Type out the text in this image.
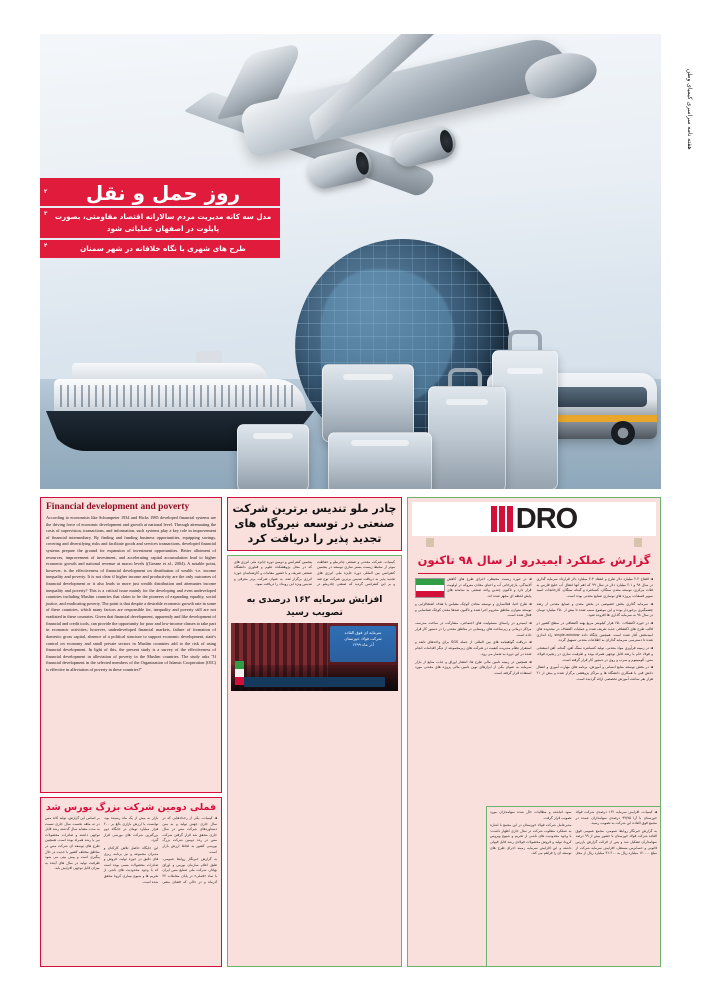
هفته نامه سراسری کیمیای وطن
۲ روز حمل و نقل
۳ مدل سه کانه مدیریت مردم سالارانه اقتصاد مقاومتی، بصورت پایلوت در اصفهان عملیاتی شود
۴	طرح های شهری با نگاه خلاقانه در شهر سمنان
DRO
گزارش عملکرد ایمیدرو از سال ۹۸ تاکنون

◄ افتتاح ۲.۴ میلیارد دلار طرح و انعقاد ۴.۳ میلیارد دلار قرارداد سرمایه گذاری در سال ۹۸ و ۲.۱ میلیارد دلار در سال ۹۹ که اهم آنها انتقال آب خلیج فارس به فلات مرکزی، توسعه معدن سنگان، کنسانتره و گندله سنگان، کارخانجات اسید سوپر فسفات، پروژه های نوسازی صنایع معدنی بوده است.

◄ سرمایه گذاری بخش خصوصی در بخش معدن و صنایع معدنی از رشد چشمگیری برخوردار بوده و این موضوع سبب شده تا بیش از ۲۵۰ میلیارد تومان در سال ۹۸ به سرمایه گذاری ها افزوده شود.

◄ در حوزه اکتشاف، ۶۵۰ هزار کیلومتر مربع پهنه اکتشافی در سطح کشور در قالب طرح های اکتشافی جدید تعریف شده و عملیات اکتشاف در محدوده های امیدبخش آغاز شده است. همچنین پایگاه داده single-window راه اندازی شده تا دسترسی سرمایه گذاران به اطلاعات معدنی تسهیل گردد.

◄ در زمینه فرآوری مواد معدنی، تولید کنسانتره سنگ آهن، گندله، آهن اسفنجی و فولاد خام با رشد قابل توجهی همراه بوده و ظرفیت سازی در زنجیره فولاد، مس، آلومینیوم و سرب و روی در دستور کار قرار گرفته است.

◄ در بخش توسعه منابع انسانی و آموزش، برنامه های مهارت آموزی و انتقال دانش فنی با همکاری دانشگاه ها و مراکز پژوهشی برگزار شده و بیش از ۲۱ هزار نفر ساعت آموزش تخصصی ارائه گردیده است.

◄ در حوزه زیست محیطی، اجرای طرح های کاهش آلایندگی، بازچرخانی آب و احیای معادن متروکه در اولویت قرار دارد و تاکنون چندین واحد صنعتی به سامانه های پایش لحظه ای مجهز شده اند.

◄ طرح احیا، فعالسازی و توسعه معادن کوچک مقیاس با هدف اشتغالزایی و توسعه متوازن مناطق محروم اجرا شده و تاکنون صدها معدن کوچک شناسایی و فعال شده است.

◄ ایمیدرو در راستای مسئولیت های اجتماعی، مشارکت در ساخت مدرسه، مراکز درمانی و زیرساخت های روستایی در مناطق معدنی را در دستور کار قرار داده است.

◄ دریافت گواهینامه های بین المللی از جمله SGS برای واحدهای تابعه و استقرار نظام مدیریت کیفیت در شرکت های زیرمجموعه از دیگر اقدامات انجام شده در این دوره به شمار می رود.

◄ همچنین در زمینه تامین مالی طرح ها، انتشار اوراق و جذب منابع از بازار سرمایه به عنوان یکی از ابزارهای نوین تامین مالی پروژه های معدنی مورد استفاده قرار گرفته است.

چادر ملو تندیس برترین شرکت صنعتی در توسعه نیروگاه های تجدید پذیر را دریافت کرد

کیمیات- شرکت معدنی و صنعتی چادرملو و حفاظت موثر از محیط زیست بستر سازی توسعه در پنجمین کنفرانس بین المللی دوره جایزه ملی انرژی های تجدید پذیر به دریافت تندیس برترین شرکت توج شد و بر این کنفرانس گردید که صنعتی چادرملو در پنجمین کنفرانس و دومین دوره جایزه ملی انرژی های که در محل پژوهشکده علوم و فناوری دانشگاه صنعتی شریف و با حضور مقامات و کارشناسان حوزه انرژی برگزار شد، به عنوان شرکت برتر معرفی و تندیس ویژه این رویداد را دریافت نمود.

افزایش سرمایه ۱۶۲ درصدی به تصویب رسید
سرمایه ای فوق القاده
شرکت فولاد خوزستان
آذر ماه ۱۳۹۹
Financial development and poverty

According to economists like Schumpeter 1934 and Hicks 1985 developed financial systems are the driving force of economic development and growth at national level. Through attenuating the costs of supervision, transactions, and information, such systems play a key role in improvement of financial intermediary. By finding and funding business opportunities, equipping savings, covering and diversifying risks and facilitate goods and services transactions, developed financial systems prepare the ground for expansion of investment opportunities. Better allotment of resources, improvement of investment, and accelerating capital accumulation lead to higher economic growth and national revenue at macro levels )(Greane et al., 2004). A notable point, however, is the effectiveness of financial development on distribution of wealth -i.e. income inequality and poverty. It is not clear if higher income and productivity are the only outcomes of financial development or it also leads to more just wealth distribution and attenuates income inequality and poverty? This is a critical issue mainly for the developing and even undeveloped countries including Muslim countries that claim to be the pioneers of expanding equality, social justice, and eradicating poverty. The point is that despite a desirable economic growth rate in some of these countries, which many factors are responsible for, inequality and poverty still are not eradiated in these countries. Given that financial development, apparently and like development of financial and credit tools, can provide the opportunity for poor and low-income classes to take part in economic activities; however, underdeveloped financial markets, failure of formation of domestic gross capital, absence of a political structure to support economic development, state's control on economy and small private sectors in Muslim countries add to the risk of using financial development. In light of this, the present study is a survey of the effectiveness of financial development in alleviation of poverty in the Muslim countries. The study asks "If financial development in the selected members of the Organization of Islamic Cooperation (OIC) is effective in alleviation of poverty in these countries?"

فملی دومین شرکت بزرگ بورس شد

◄ کیمیات- یکی از رخدادهایی که در سال جاری جهش تولید و به یمن دستاوردهای شرکت مس در سال جاری محقق شد قرار گرفتن شرکت مس در رده دومین شرکت بزرگ بورسی کشور به لحاظ ارزش بازار است.

به گزارش خبرنگار روابط عمومی، طبق اعلام سازمان بورس و اوراق بهادار، شرکت ملی صنایع مس ایران با نماد «فملی» در پایان معاملات ۲۲ آذرماه و در حالی که فضای منفی بازار به بیش از یک ماه رسیده بود، توانست با ارزش بازاری بالغ بر ۲۰۰ هزار میلیارد تومان در جایگاه دوم بزرگترین شرکت های بورسی قرار گیرد.

این جایگاه حاصل تلاش کارکنان و مدیران مجموعه و نیز برنامه ریزی های دقیق در حوزه تولید، فروش و صادرات محصولات مسی بوده است که با وجود محدودیت های ناشی از تحریم ها و شیوع بیماری کرونا محقق شده است.

بر اساس این گزارش، تولید کاتد مس در نه ماهه نخست سال جاری نسبت به مدت مشابه سال گذشته رشد قابل توجهی داشته و صادرات محصولات نیز با رشد همراه بوده است. همچنین طرح های توسعه ای شرکت مس در مناطق مختلف کشور با جدیت در حال پیگیری است و پیش بینی می شود ظرفیت تولید در سال های آینده به میزان قابل توجهی افزایش یابد.

◄ کیمیات- افزایش سرمایه ۱۶۲ درصدی شرکت فولاد خوزستان با آرا ۹۹/۷۵ درصدی سهامداران عمده در مجمع فوق العاده این شرکت به تصویب رسید.

به گزارش خبرنگار روابط عمومی، مجمع عمومی فوق العاده شرکت فولاد خوزستان با حضور بیش از ۹۹ درصد سهامداران تشکیل شد و پس از قرائت گزارش بازرس قانونی و حسابرس مستقل، افزایش سرمایه شرکت از مبلغ ۱۲.۰۰۰ میلیارد ریال به ۳۱.۴۰۰ میلیارد ریال از محل سود انباشته و مطالبات حال شده سهامداران مورد تصویب قرار گرفت.

مدیرعامل شرکت فولاد خوزستان در این مجمع با اشاره به عملکرد مطلوب شرکت در سال جاری اظهار داشت: با وجود محدودیت های ناشی از تحریم و شیوع ویروس کرونا، تولید و فروش محصولات فولادی رشد قابل قبولی داشته و این افزایش سرمایه زمینه اجرای طرح های توسعه ای را فراهم می کند.
